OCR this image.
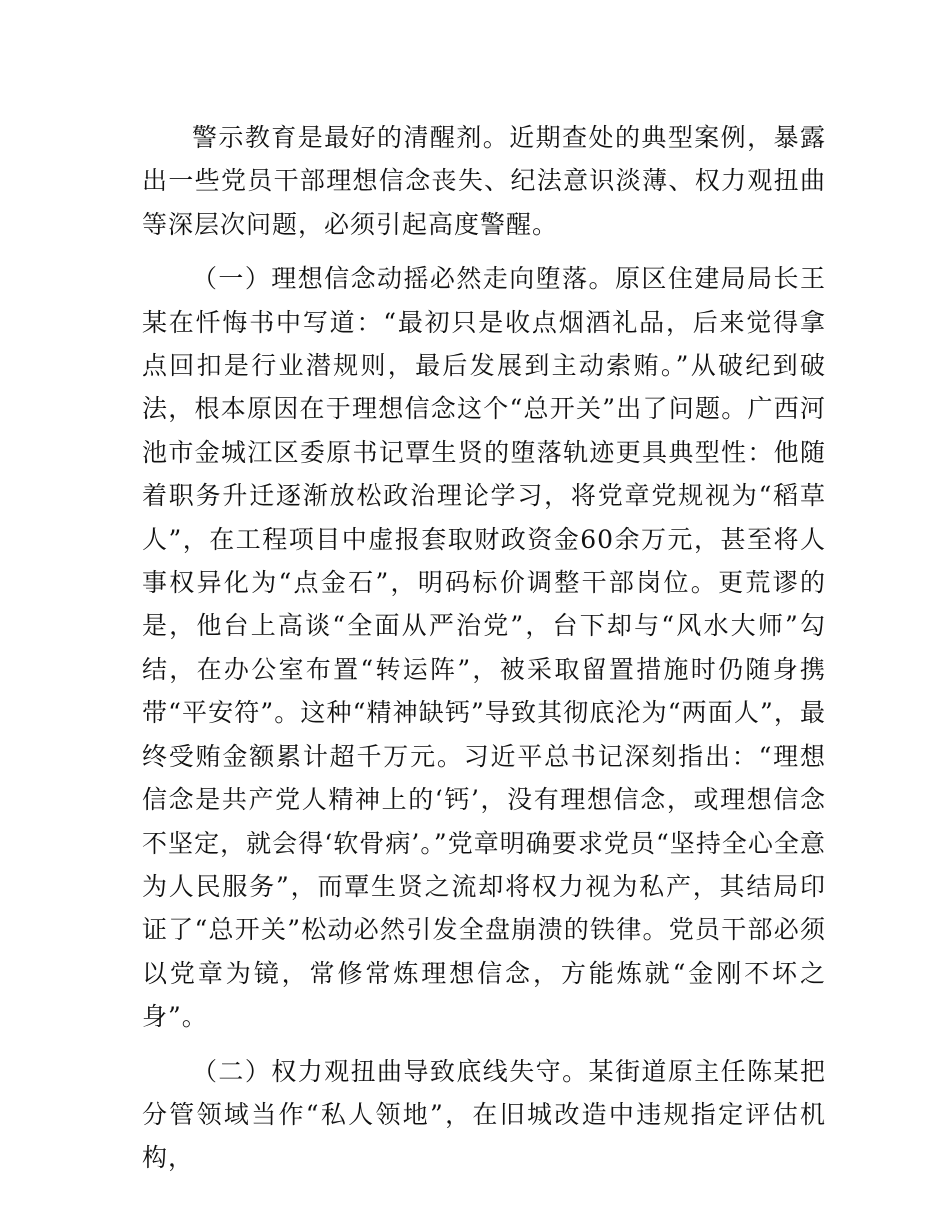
警示教育是最好的清醒剂。近期查处的典型案例，暴露出一些党员干部理想信念丧失、纪法意识淡薄、权力观扭曲等深层次问题，必须引起高度警醒。

（一）理想信念动摇必然走向堕落。原区住建局局长王某在忏悔书中写道：“最初只是收点烟酒礼品，后来觉得拿点回扣是行业潜规则，最后发展到主动索贿。”从破纪到破法，根本原因在于理想信念这个“总开关”出了问题。广西河池市金城江区委原书记覃生贤的堕落轨迹更具典型性：他随着职务升迁逐渐放松政治理论学习，将党章党规视为“稻草人”，在工程项目中虚报套取财政资金60余万元，甚至将人事权异化为“点金石”，明码标价调整干部岗位。更荒谬的是，他台上高谈“全面从严治党”，台下却与“风水大师”勾结，在办公室布置“转运阵”，被采取留置措施时仍随身携带“平安符”。这种“精神缺钙”导致其彻底沦为“两面人”，最终受贿金额累计超千万元。习近平总书记深刻指出：“理想信念是共产党人精神上的‘钙’，没有理想信念，或理想信念不坚定，就会得‘软骨病’。”党章明确要求党员“坚持全心全意为人民服务”，而覃生贤之流却将权力视为私产，其结局印证了“总开关”松动必然引发全盘崩溃的铁律。党员干部必须以党章为镜，常修常炼理想信念，方能炼就“金刚不坏之身”。

（二）权力观扭曲导致底线失守。某街道原主任陈某把分管领域当作“私人领地”，在旧城改造中违规指定评估机构，
